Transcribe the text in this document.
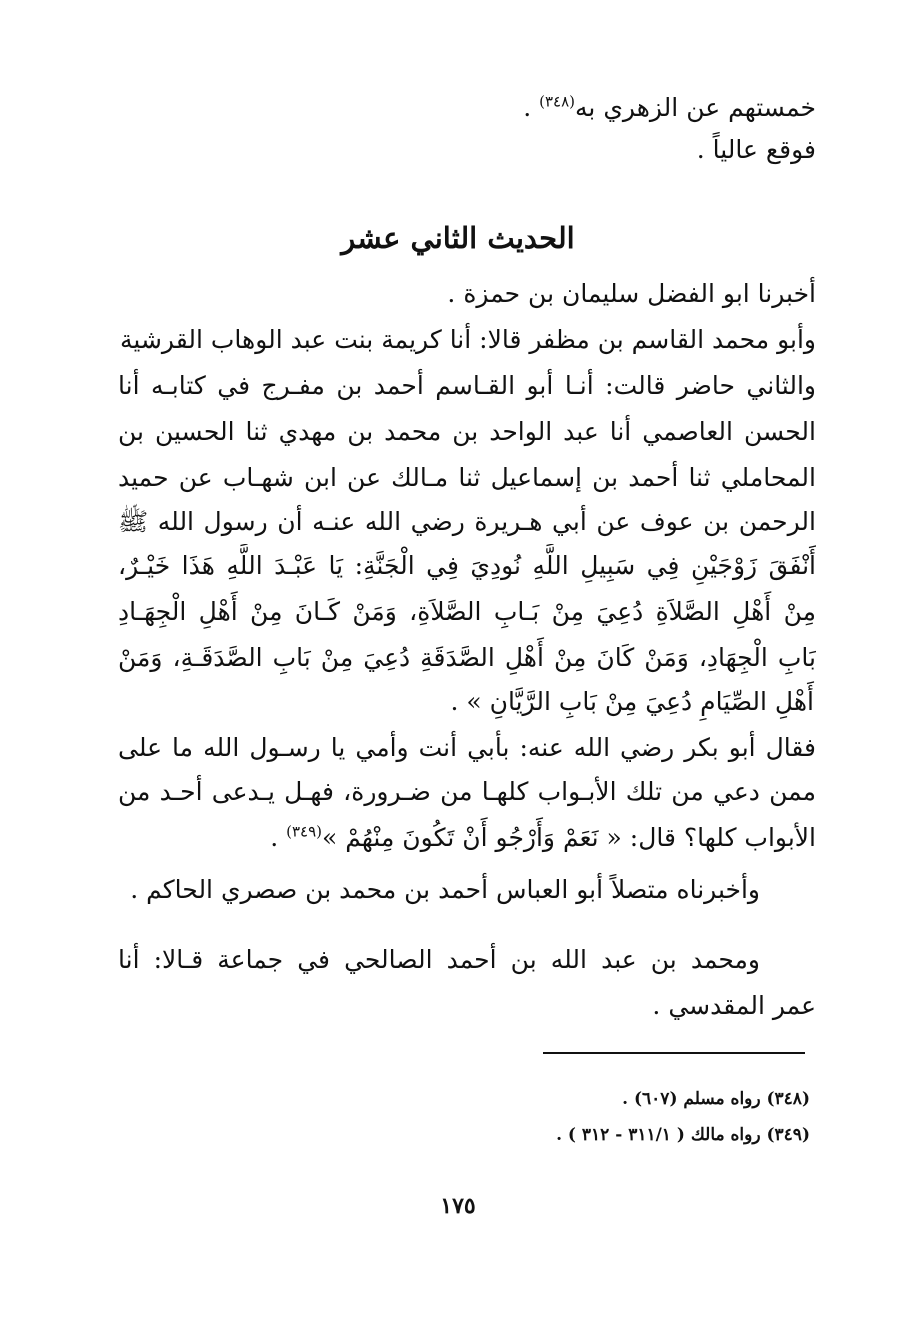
خمستهم عن الزهري به$^{(٣٤٨)}$ .
فوقع عالياً .
الحديث الثاني عشر
أخبرنا ابو الفضل سليمان بن حمزة .
وأبو محمد القاسم بن مظفر قالا: أنا كريمة بنت عبد الوهاب القرشية
والثاني حاضر قالت: أنـا أبو القـاسم أحمد بن مفـرج في كتابـه أنا
الحسن العاصمي أنا عبد الواحد بن محمد بن مهدي ثنا الحسين بن
المحاملي ثنا أحمد بن إسماعيل ثنا مـالك عن ابن شهـاب عن حميد
الرحمن بن عوف عن أبي هـريرة رضي الله عنـه أن رسول الله ﷺ
أَنْفَقَ زَوْجَيْنِ فِي سَبِيلِ اللَّهِ نُودِيَ فِي الْجَنَّةِ: يَا عَبْـدَ اللَّهِ هَذَا خَيْـرٌ،
مِنْ أَهْلِ الصَّلاَةِ دُعِيَ مِنْ بَـابِ الصَّلاَةِ، وَمَنْ كَـانَ مِنْ أَهْلِ الْجِهَـادِ
بَابِ الْجِهَادِ، وَمَنْ كَانَ مِنْ أَهْلِ الصَّدَقَةِ دُعِيَ مِنْ بَابِ الصَّدَقَـةِ، وَمَنْ
أَهْلِ الصِّيَامِ دُعِيَ مِنْ بَابِ الرَّيَّانِ » .
فقال أبو بكر رضي الله عنه: بأبي أنت وأمي يا رسـول الله ما على
ممن دعي من تلك الأبـواب كلهـا من ضـرورة، فهـل يـدعى أحـد من
الأبواب كلها؟ قال: « نَعَمْ وَأَرْجُو أَنْ تَكُونَ مِنْهُمْ »$^{(٣٤٩)}$ .
وأخبرناه متصلاً أبو العباس أحمد بن محمد بن صصري الحاكم .
ومحمد بن عبد الله بن أحمد الصالحي في جماعة قـالا: أنا
عمر المقدسي .
(٣٤٨) رواه مسلم (٦٠٧) .
(٣٤٩) رواه مالك ( ٣١١/١ - ٣١٢ ) .
١٧٥
